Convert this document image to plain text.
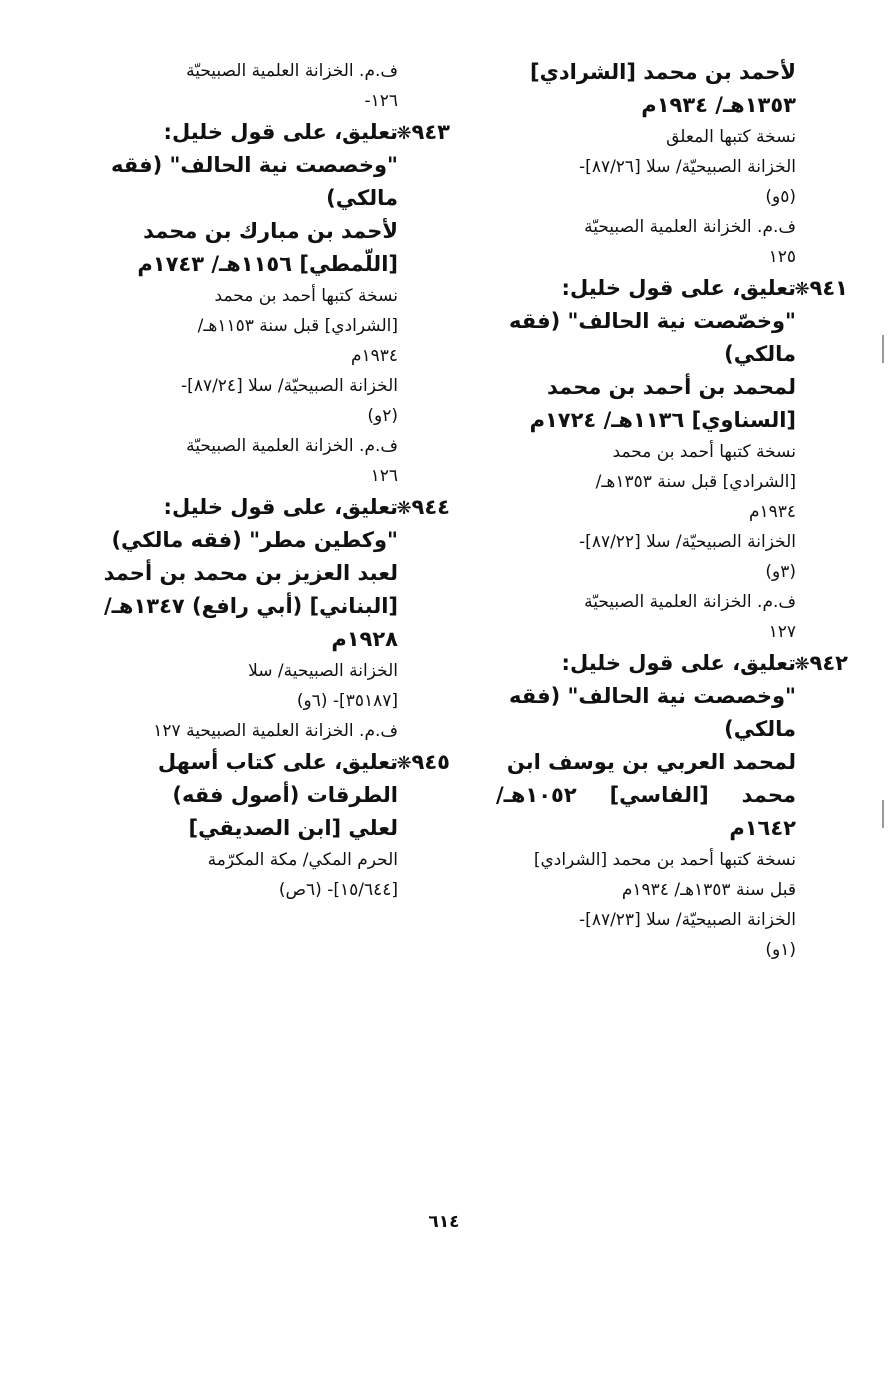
لأحمد بن محمد [الشرادي]

١٣٥٣هـ/ ١٩٣٤م

نسخة كتبها المعلق

الخزانة الصبيحيّة/ سلا [٨٧/٢٦]-

(٥و)

ف.م. الخزانة العلمية الصبيحيّة

١٢٥

٩٤١❋

تعليق، على قول خليل:

"وخصّصت نية الحالف" (فقه

مالكي)

لمحمد بن أحمد بن محمد

[السناوي] ١١٣٦هـ/ ١٧٢٤م

نسخة كتبها أحمد بن محمد

[الشرادي] قبل سنة ١٣٥٣هـ/

١٩٣٤م

الخزانة الصبيحيّة/ سلا [٨٧/٢٢]-

(٣و)

ف.م. الخزانة العلمية الصبيحيّة

١٢٧

٩٤٢❋

تعليق، على قول خليل:

"وخصصت نية الحالف" (فقه

مالكي)

لمحمد العربي بن يوسف ابن

محمد [الفاسي] ١٠٥٢هـ/ ١٦٤٢م

نسخة كتبها أحمد بن محمد [الشرادي]

قبل سنة ١٣٥٣هـ/ ١٩٣٤م

الخزانة الصبيحيّة/ سلا [٨٧/٢٣]-

(١و)

ف.م. الخزانة العلمية الصبيحيّة

١٢٦-

٩٤٣❋

تعليق، على قول خليل:

"وخصصت نية الحالف" (فقه

مالكي)

لأحمد بن مبارك بن محمد

[اللّمطي] ١١٥٦هـ/ ١٧٤٣م

نسخة كتبها أحمد بن محمد

[الشرادي] قبل سنة ١١٥٣هـ/

١٩٣٤م

الخزانة الصبيحيّة/ سلا [٨٧/٢٤]-

(٢و)

ف.م. الخزانة العلمية الصبيحيّة

١٢٦

٩٤٤❋

تعليق، على قول خليل:

"وكطين مطر" (فقه مالكي)

لعبد العزيز بن محمد بن أحمد

[البناني] (أبي رافع) ١٣٤٧هـ/

١٩٢٨م

الخزانة الصبيحية/ سلا

[٣٥١٨٧]- (٦و)

ف.م. الخزانة العلمية الصبيحية ١٢٧

٩٤٥❋

تعليق، على كتاب أسهل

الطرقات (أصول فقه)

لعلي [ابن الصديقي]

الحرم المكي/ مكة المكرّمة

[١٥/٦٤٤]- (٦ص)

٦١٤
